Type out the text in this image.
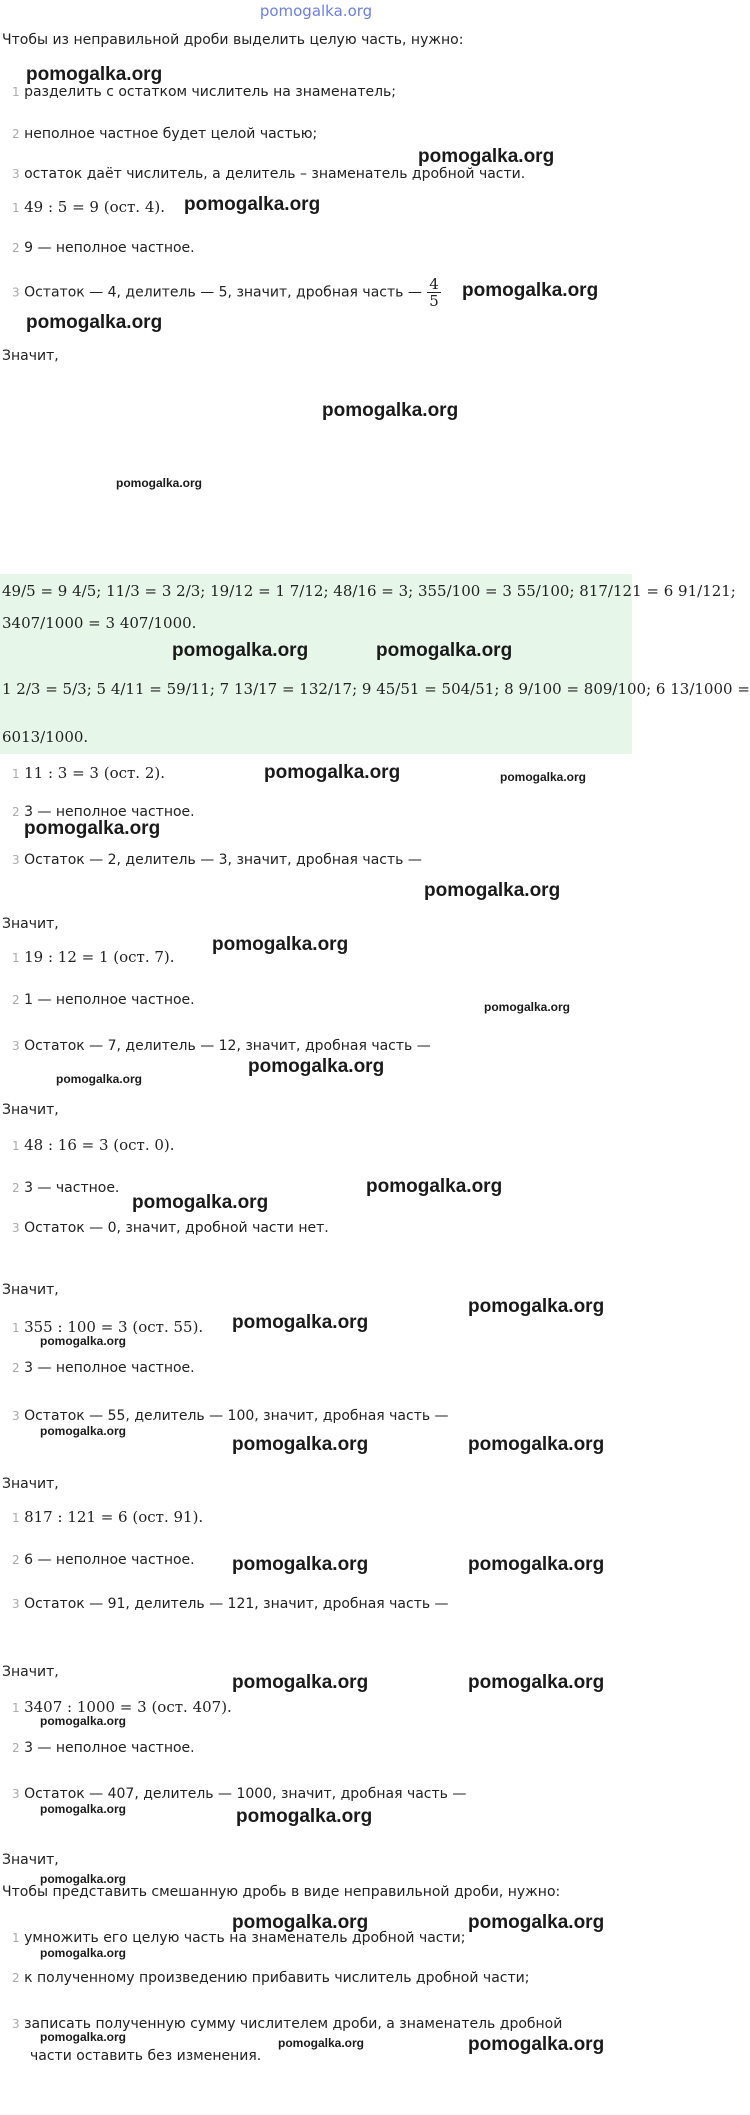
pomogalka.org
Чтобы из неправильной дроби выделить целую часть, нужно:
pomogalka.org
1 разделить с остатком числитель на знаменатель;
2 неполное частное будет целой частью;
pomogalka.org
3 остаток даёт числитель, а делитель – знаменатель дробной части.
1 49 : 5 = 9 (ост. 4). pomogalka.org
2 9 — неполное частное.
3 Остаток — 4, делитель — 5, значит, дробная часть — $\frac{4}{5}$ pomogalka.org
pomogalka.org
Значит,
pomogalka.org
pomogalka.org
49/5 = 9 4/5; 11/3 = 3 2/3; 19/12 = 1 7/12; 48/16 = 3; 355/100 = 3 55/100; 817/121 = 6 91/121;
3407/1000 = 3 407/1000.
pomogalka.org	pomogalka.org
1 2/3 = 5/3; 5 4/11 = 59/11; 7 13/17 = 132/17; 9 45/51 = 504/51; 8 9/100 = 809/100; 6 13/1000 =
6013/1000.
1 11 : 3 = 3 (ост. 2).	pomogalka.org	pomogalka.org
2 3 — неполное частное.
pomogalka.org
3 Остаток — 2, делитель — 3, значит, дробная часть —
pomogalka.org
Значит,
pomogalka.org
1 19 : 12 = 1 (ост. 7).
2 1 — неполное частное.	pomogalka.org
3 Остаток — 7, делитель — 12, значит, дробная часть —
pomogalka.org
pomogalka.org
Значит,
1 48 : 16 = 3 (ост. 0).
2 3 — частное.	pomogalka.org
pomogalka.org
3 Остаток — 0, значит, дробной части нет.
Значит,
pomogalka.org
1 355 : 100 = 3 (ост. 55). pomogalka.org
pomogalka.org
2 3 — неполное частное.
3 Остаток — 55, делитель — 100, значит, дробная часть —
pomogalka.org
pomogalka.org	pomogalka.org
Значит,
1 817 : 121 = 6 (ост. 91).
2 6 — неполное частное. pomogalka.org	pomogalka.org
3 Остаток — 91, делитель — 121, значит, дробная часть —
Значит,	pomogalka.org	pomogalka.org
1 3407 : 1000 = 3 (ост. 407).
pomogalka.org
2 3 — неполное частное.
3 Остаток — 407, делитель — 1000, значит, дробная часть —
pomogalka.org	pomogalka.org
Значит,
pomogalka.org
Чтобы представить смешанную дробь в виде неправильной дроби, нужно:
pomogalka.org	pomogalka.org
1 умножить его целую часть на знаменатель дробной части;
pomogalka.org
2 к полученному произведению прибавить числитель дробной части;
3 записать полученную сумму числителем дроби, а знаменатель дробной
pomogalka.org	pomogalka.org	pomogalka.org
части оставить без изменения.
